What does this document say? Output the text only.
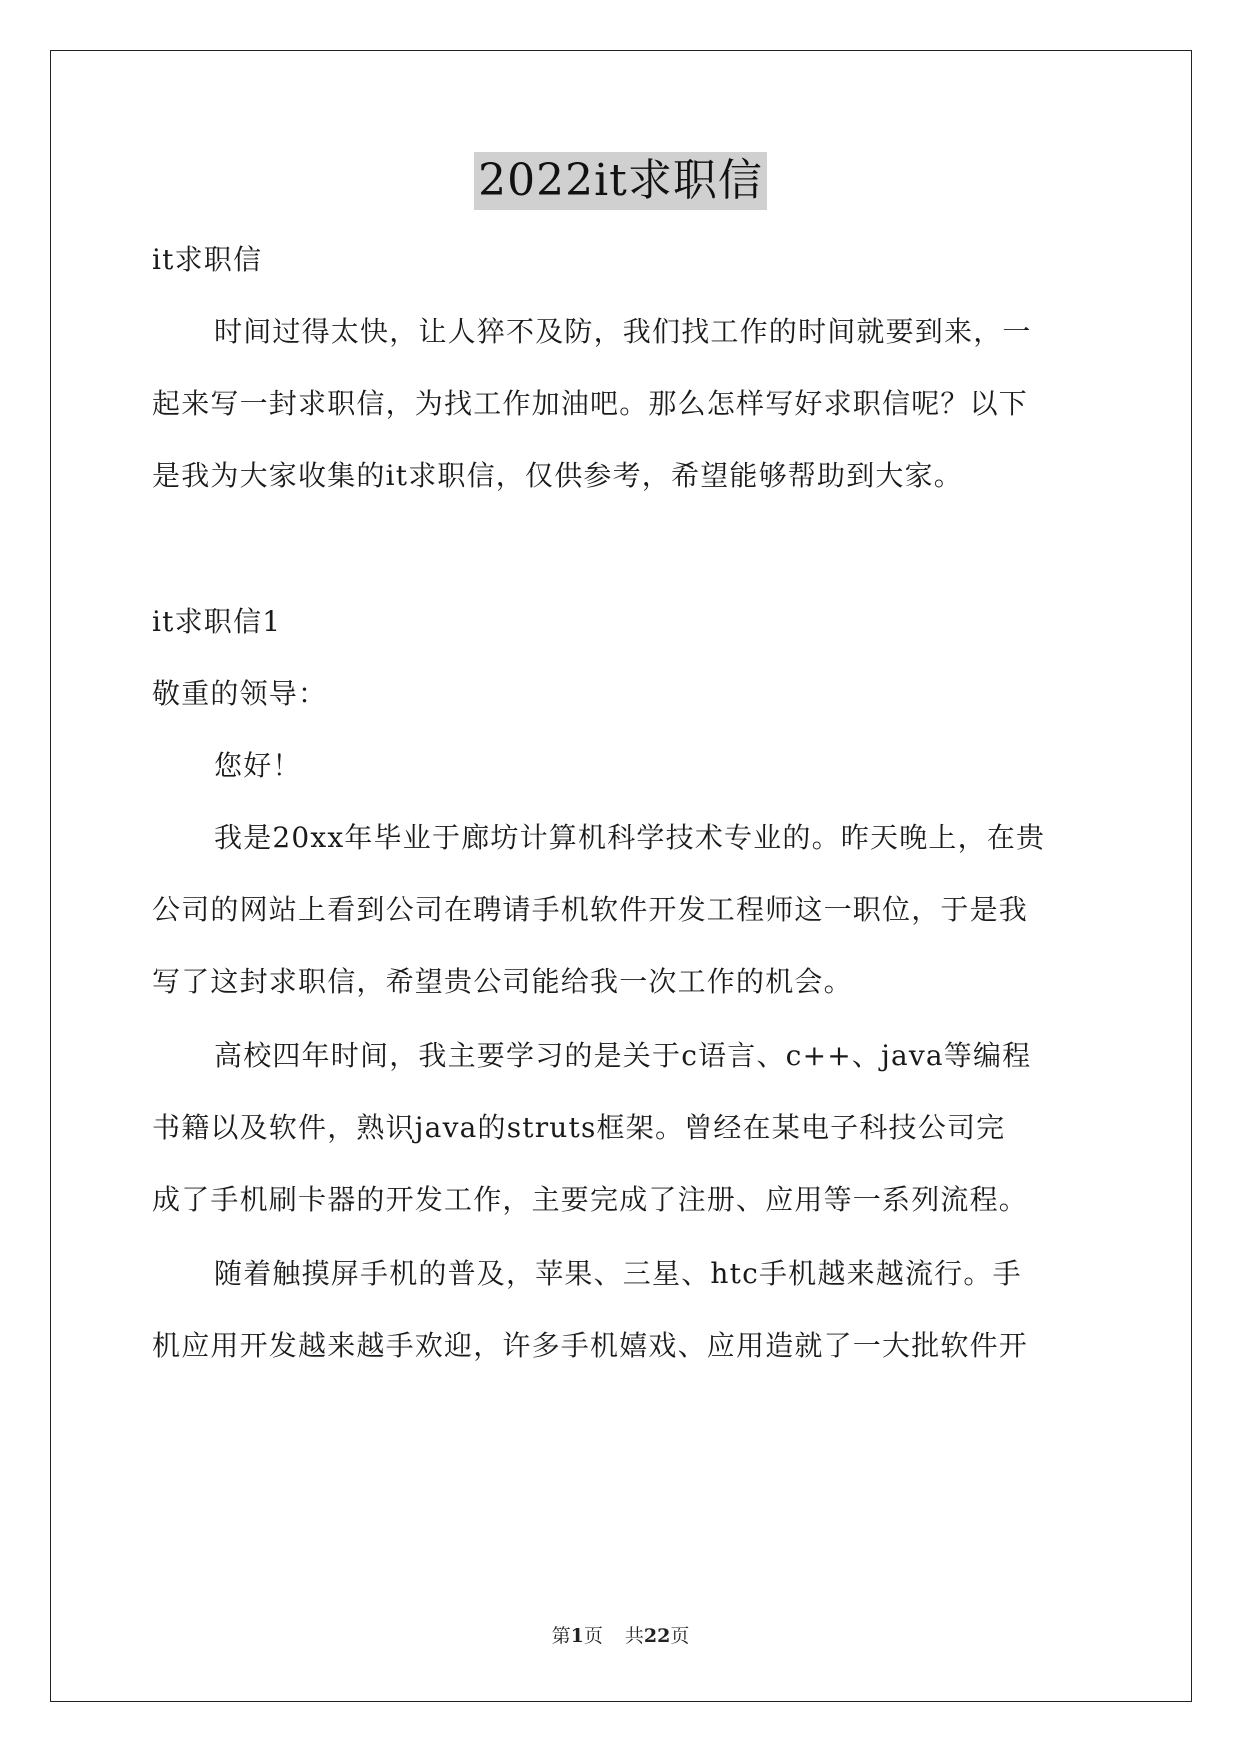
2022it求职信
it求职信
时间过得太快，让人猝不及防，我们找工作的时间就要到来，一
起来写一封求职信，为找工作加油吧。那么怎样写好求职信呢？以下
是我为大家收集的it求职信，仅供参考，希望能够帮助到大家。
it求职信1
敬重的领导：
您好！
我是20xx年毕业于廊坊计算机科学技术专业的。昨天晚上，在贵
公司的网站上看到公司在聘请手机软件开发工程师这一职位，于是我
写了这封求职信，希望贵公司能给我一次工作的机会。
高校四年时间，我主要学习的是关于c语言、c++、java等编程
书籍以及软件，熟识java的struts框架。曾经在某电子科技公司完
成了手机刷卡器的开发工作，主要完成了注册、应用等一系列流程。
随着触摸屏手机的普及，苹果、三星、htc手机越来越流行。手
机应用开发越来越手欢迎，许多手机嬉戏、应用造就了一大批软件开
第1页 共22页
